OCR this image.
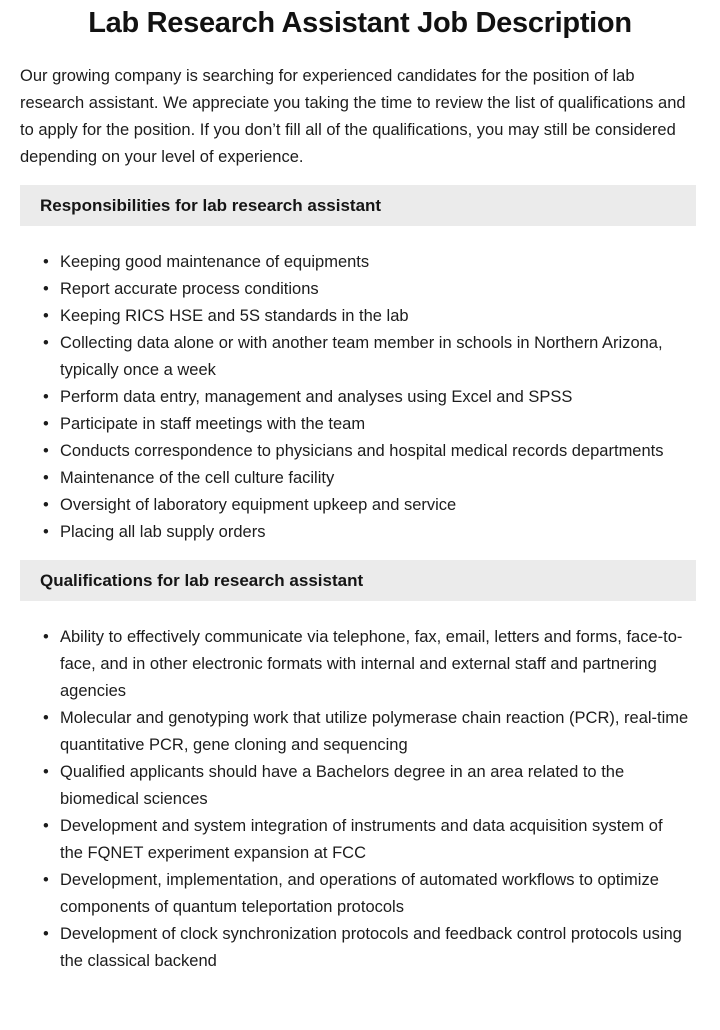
Lab Research Assistant Job Description

Our growing company is searching for experienced candidates for the position of lab research assistant. We appreciate you taking the time to review the list of qualifications and to apply for the position. If you don’t fill all of the qualifications, you may still be considered depending on your level of experience.

Responsibilities for lab research assistant
• Keeping good maintenance of equipments
• Report accurate process conditions
• Keeping RICS HSE and 5S standards in the lab
• Collecting data alone or with another team member in schools in Northern Arizona, typically once a week
• Perform data entry, management and analyses using Excel and SPSS
• Participate in staff meetings with the team
• Conducts correspondence to physicians and hospital medical records departments
• Maintenance of the cell culture facility
• Oversight of laboratory equipment upkeep and service
• Placing all lab supply orders
Qualifications for lab research assistant
• Ability to effectively communicate via telephone, fax, email, letters and forms, face-to-face, and in other electronic formats with internal and external staff and partnering agencies
• Molecular and genotyping work that utilize polymerase chain reaction (PCR), real-time quantitative PCR, gene cloning and sequencing
• Qualified applicants should have a Bachelors degree in an area related to the biomedical sciences
• Development and system integration of instruments and data acquisition system of the FQNET experiment expansion at FCC
• Development, implementation, and operations of automated workflows to optimize components of quantum teleportation protocols
• Development of clock synchronization protocols and feedback control protocols using the classical backend
